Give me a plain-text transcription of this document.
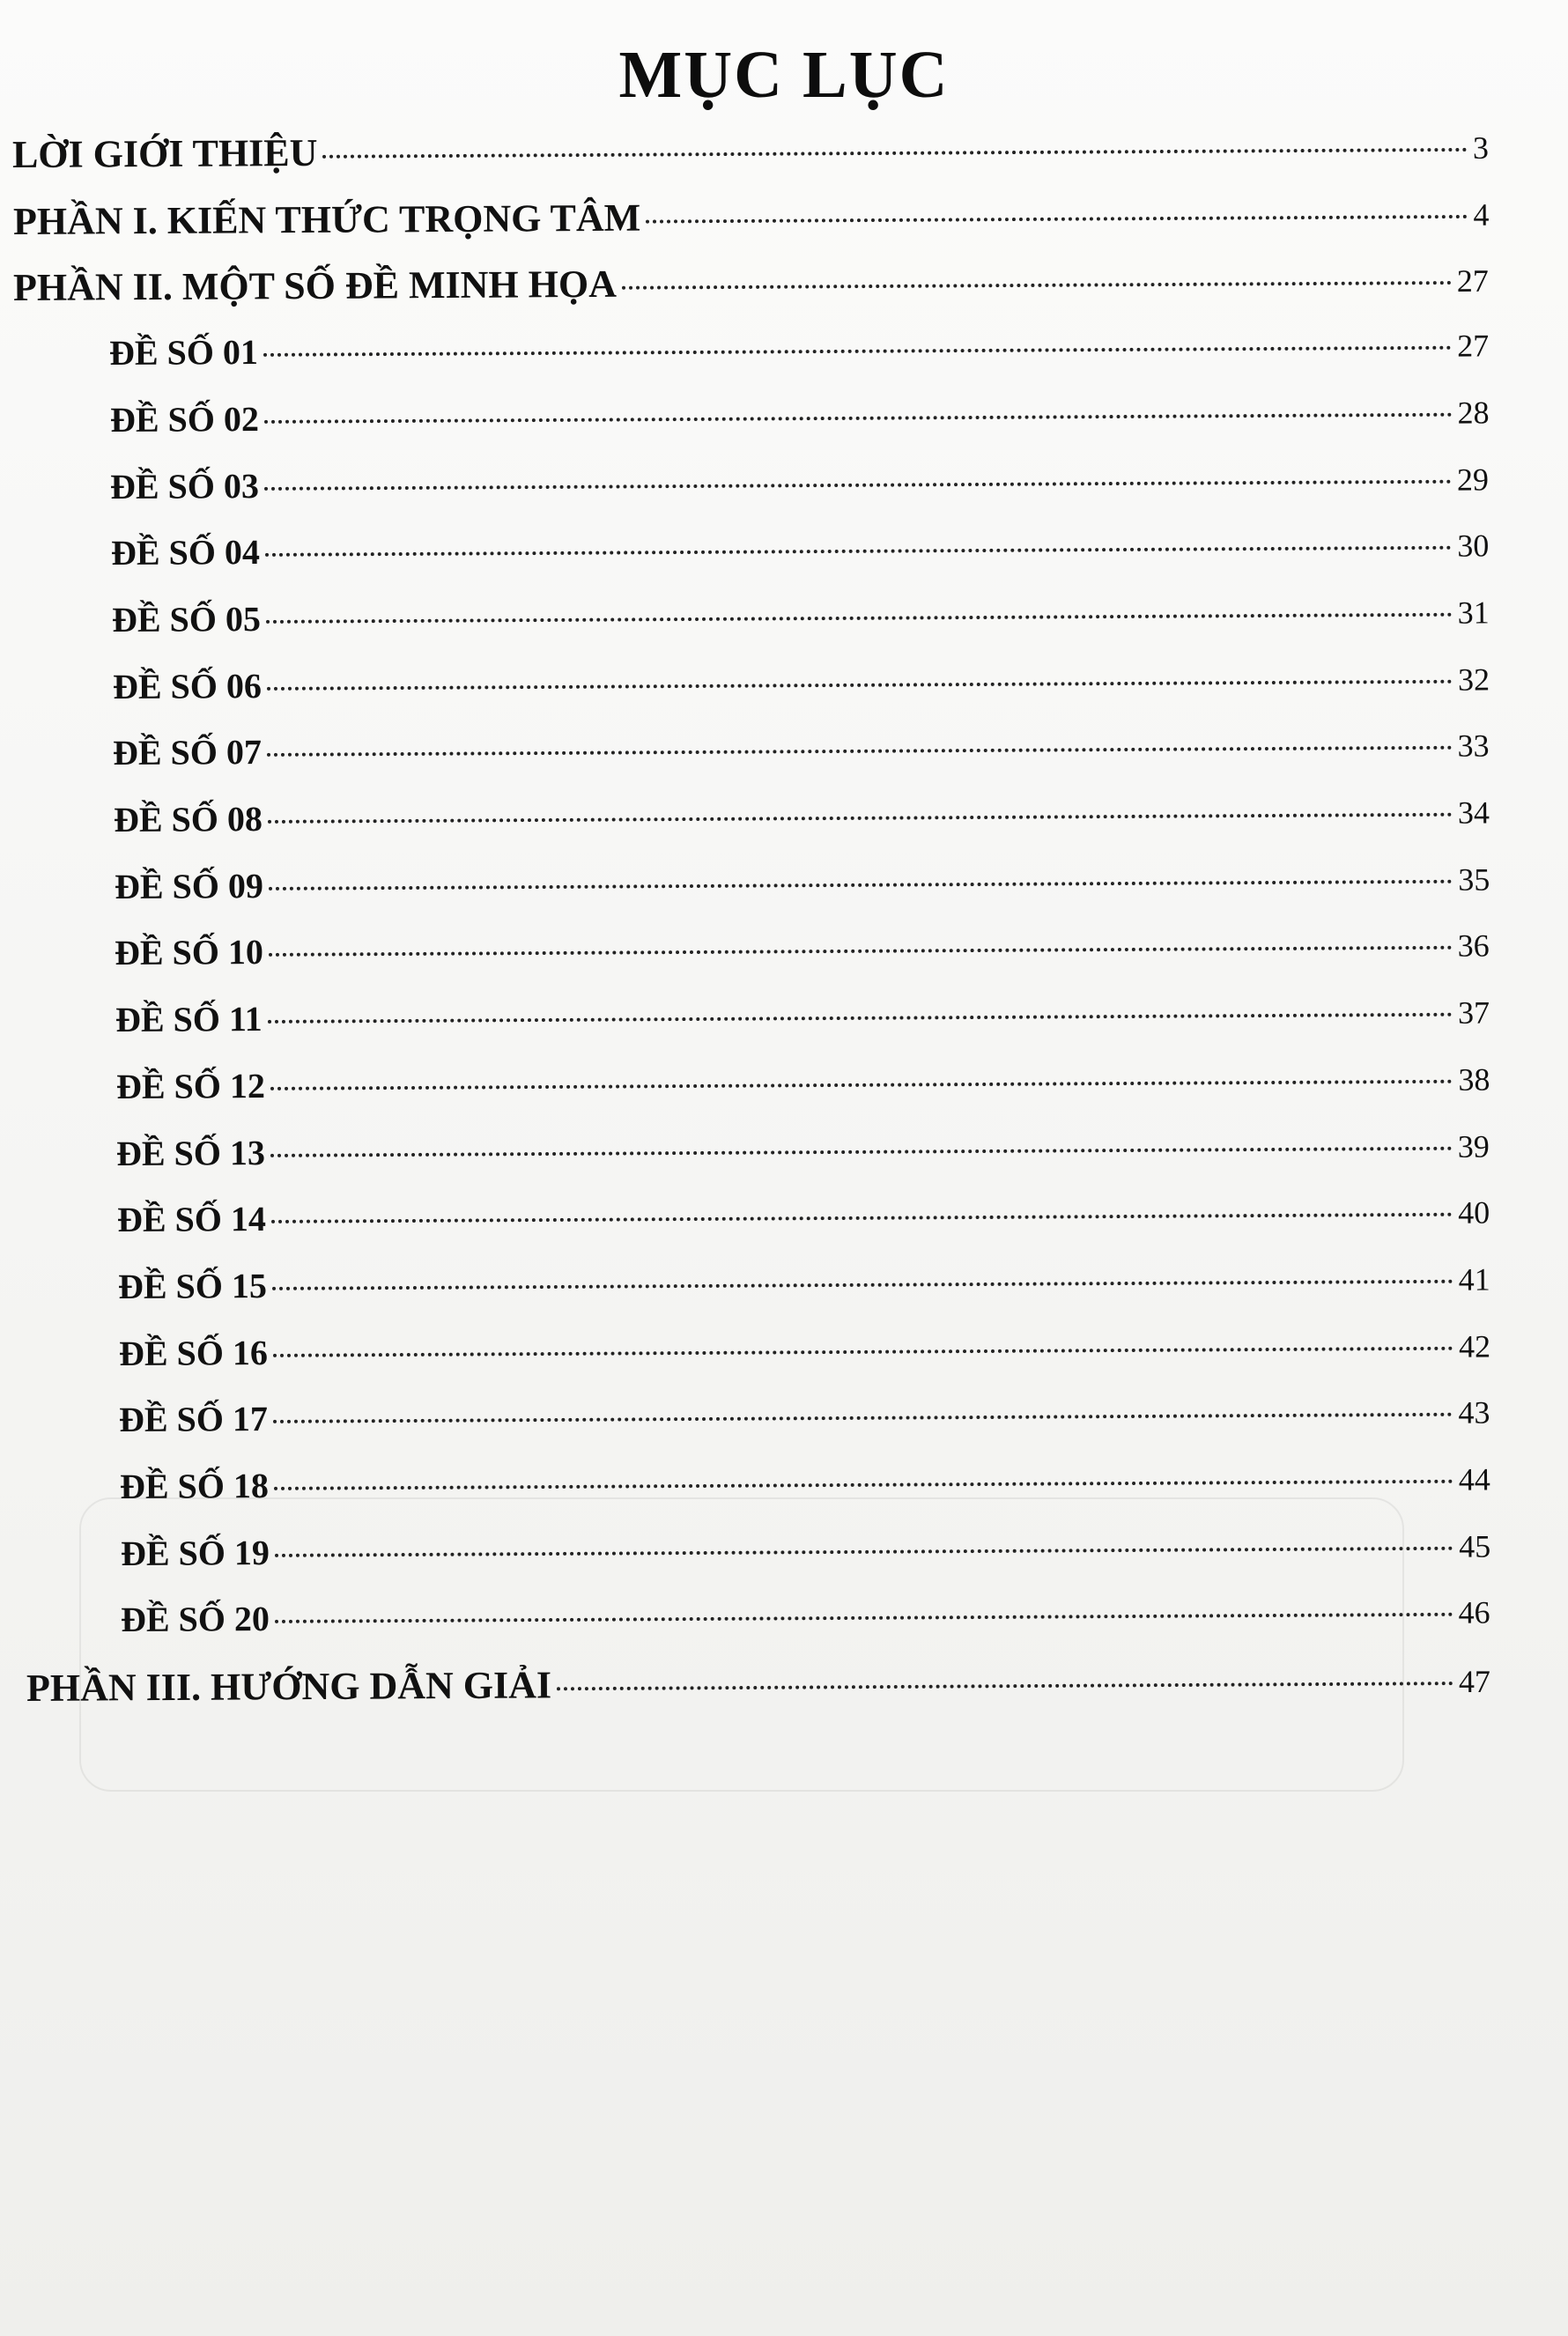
MỤC LỤC
LỜI GIỚI THIỆU	3
PHẦN I. KIẾN THỨC TRỌNG TÂM	4
PHẦN II. MỘT SỐ ĐỀ MINH HỌA	27
ĐỀ SỐ 01	27
ĐỀ SỐ 02	28
ĐỀ SỐ 03	29
ĐỀ SỐ 04	30
ĐỀ SỐ 05	31
ĐỀ SỐ 06	32
ĐỀ SỐ 07	33
ĐỀ SỐ 08	34
ĐỀ SỐ 09	35
ĐỀ SỐ 10	36
ĐỀ SỐ 11	37
ĐỀ SỐ 12	38
ĐỀ SỐ 13	39
ĐỀ SỐ 14	40
ĐỀ SỐ 15	41
ĐỀ SỐ 16	42
ĐỀ SỐ 17	43
ĐỀ SỐ 18	44
ĐỀ SỐ 19	45
ĐỀ SỐ 20	46
PHẦN III. HƯỚNG DẪN GIẢI	47
